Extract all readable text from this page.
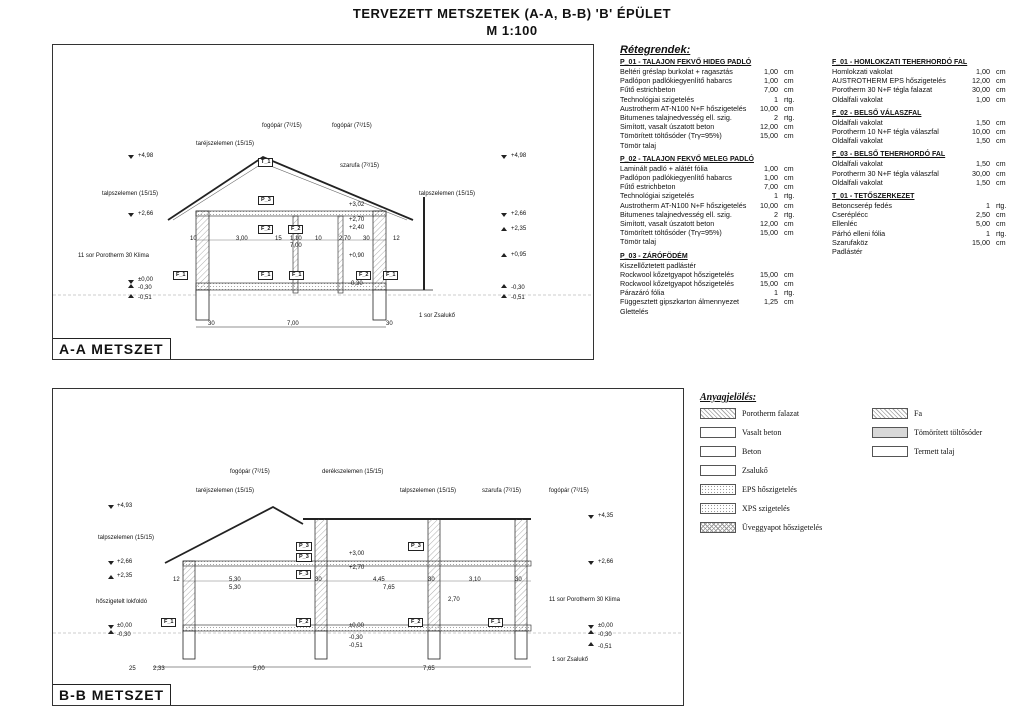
TERVEZETT METSZETEK (A-A, B-B) 'B' ÉPÜLET
M 1:100
+4,98
+2,66
±0,00
-0,30
-0,51
+4,98
+2,66
+2,35
+0,95
-0,30
-0,51
fogópár (7²/15)	fogópár (7²/15)
taréjszelemen (15/15)
szarufa (7²/15)
talpszelemen (15/15)	talpszelemen (15/15)
11 sor Porotherm 30 Klima
1 sor Zsalukő
T_1
P_3
F_2	F_2
F_1	F_1	F_1	F_2	F_1
+3,02
+2,70
+2,40
+0,90
-0,30
10	3,00	15 1,10
7,00
10	2,70 30	12
30	30
7,00
A-A METSZET
Rétegrendek:
P_01 - TALAJON FEKVŐ HIDEG PADLÓ
Beltéri gréslap burkolat + ragasztás	1,00 cm
Padlópon padlókiegyenlítő habarcs	1,00 cm
Fűtő estrichbeton	7,00 cm
Technológiai szigetelés	1 rtg.
Austrotherm AT-N100 N+F hőszigetelés	10,00 cm
Bitumenes talajnedvesség ell. szig.	2 rtg.
Simított, vasalt úszatott beton	12,00 cm
Tömörített töltősóder (Trγ=95%)	15,00 cm
Tömör talaj
P_02 - TALAJON FEKVŐ MELEG PADLÓ
Laminált padló + alátét fólia	1,00 cm
Padlópon padlókiegyenlítő habarcs	1,00 cm
Fűtő estrichbeton	7,00 cm
Technológiai szigetelés	1 rtg.
Austrotherm AT-N100 N+F hőszigetelés	10,00 cm
Bitumenes talajnedvesség ell. szig.	2 rtg.
Simított, vasalt úszatott beton	12,00 cm
Tömörített töltősóder (Trγ=95%)	15,00 cm
Tömör talaj
P_03 - ZÁRÓFÖDÉM
Kiszellőztetett padlástér
Rockwool kőzetgyapot hőszigetelés	15,00 cm
Rockwool kőzetgyapot hőszigetelés	15,00 cm
Párazáró fólia	1 rtg.
Függesztett gipszkarton álmennyezet	1,25 cm
Glettelés
F_01 - HOMLOKZATI TEHERHORDÓ FAL
Homlokzati vakolat	1,00 cm
AUSTROTHERM EPS hőszigetelés	12,00 cm
Porotherm 30 N+F tégla falazat	30,00 cm
Oldalfali vakolat	1,00 cm
F_02 - BELSŐ VÁLASZFAL
Oldalfali vakolat	1,50 cm
Porotherm 10 N+F tégla válaszfal	10,00 cm
Oldalfali vakolat	1,50 cm
F_03 - BELSŐ TEHERHORDÓ FAL
Oldalfali vakolat	1,50 cm
Porotherm 30 N+F tégla válaszfal	30,00 cm
Oldalfali vakolat	1,50 cm
T_01 - TETŐSZERKEZET
Betoncserép fedés	1 rtg.
Cseréplécc	2,50 cm
Ellenléc	5,00 cm
Párhó elleni fólia	1 rtg.
Szarufaköz	15,00 cm
Padlástér
+4,93
+2,66
+2,35
±0,00
-0,30
+4,35
+2,66
±0,00
-0,30
-0,51
fogópár (7²/15)	derékszelemen (15/15)
taréjszelemen (15/15)	talpszelemen (15/15)	szarufa (7²/15)	fogópár (7²/15)
talpszelemen (15/15)
hőszigetelt lokfoldó	11 sor Porotherm 30 Klima
1 sor Zsalukő
P_3
P_3
P_3
F_3
F_1	F_2	F_2	F_1
+3,00
+2,70
±0,00
-0,30
-0,51
12	5,30	30	4,45	30	3,10	30
7,65
5,30
2,70
25	2,33	5,00	7,65
B-B METSZET
Anyagjelölés:
Porotherm falazat
Vasalt beton
Beton
Zsalukő
EPS hőszigetelés
XPS szigetelés
Üveggyapot hőszigetelés
Fa
Tömörített töltősóder
Termett talaj
